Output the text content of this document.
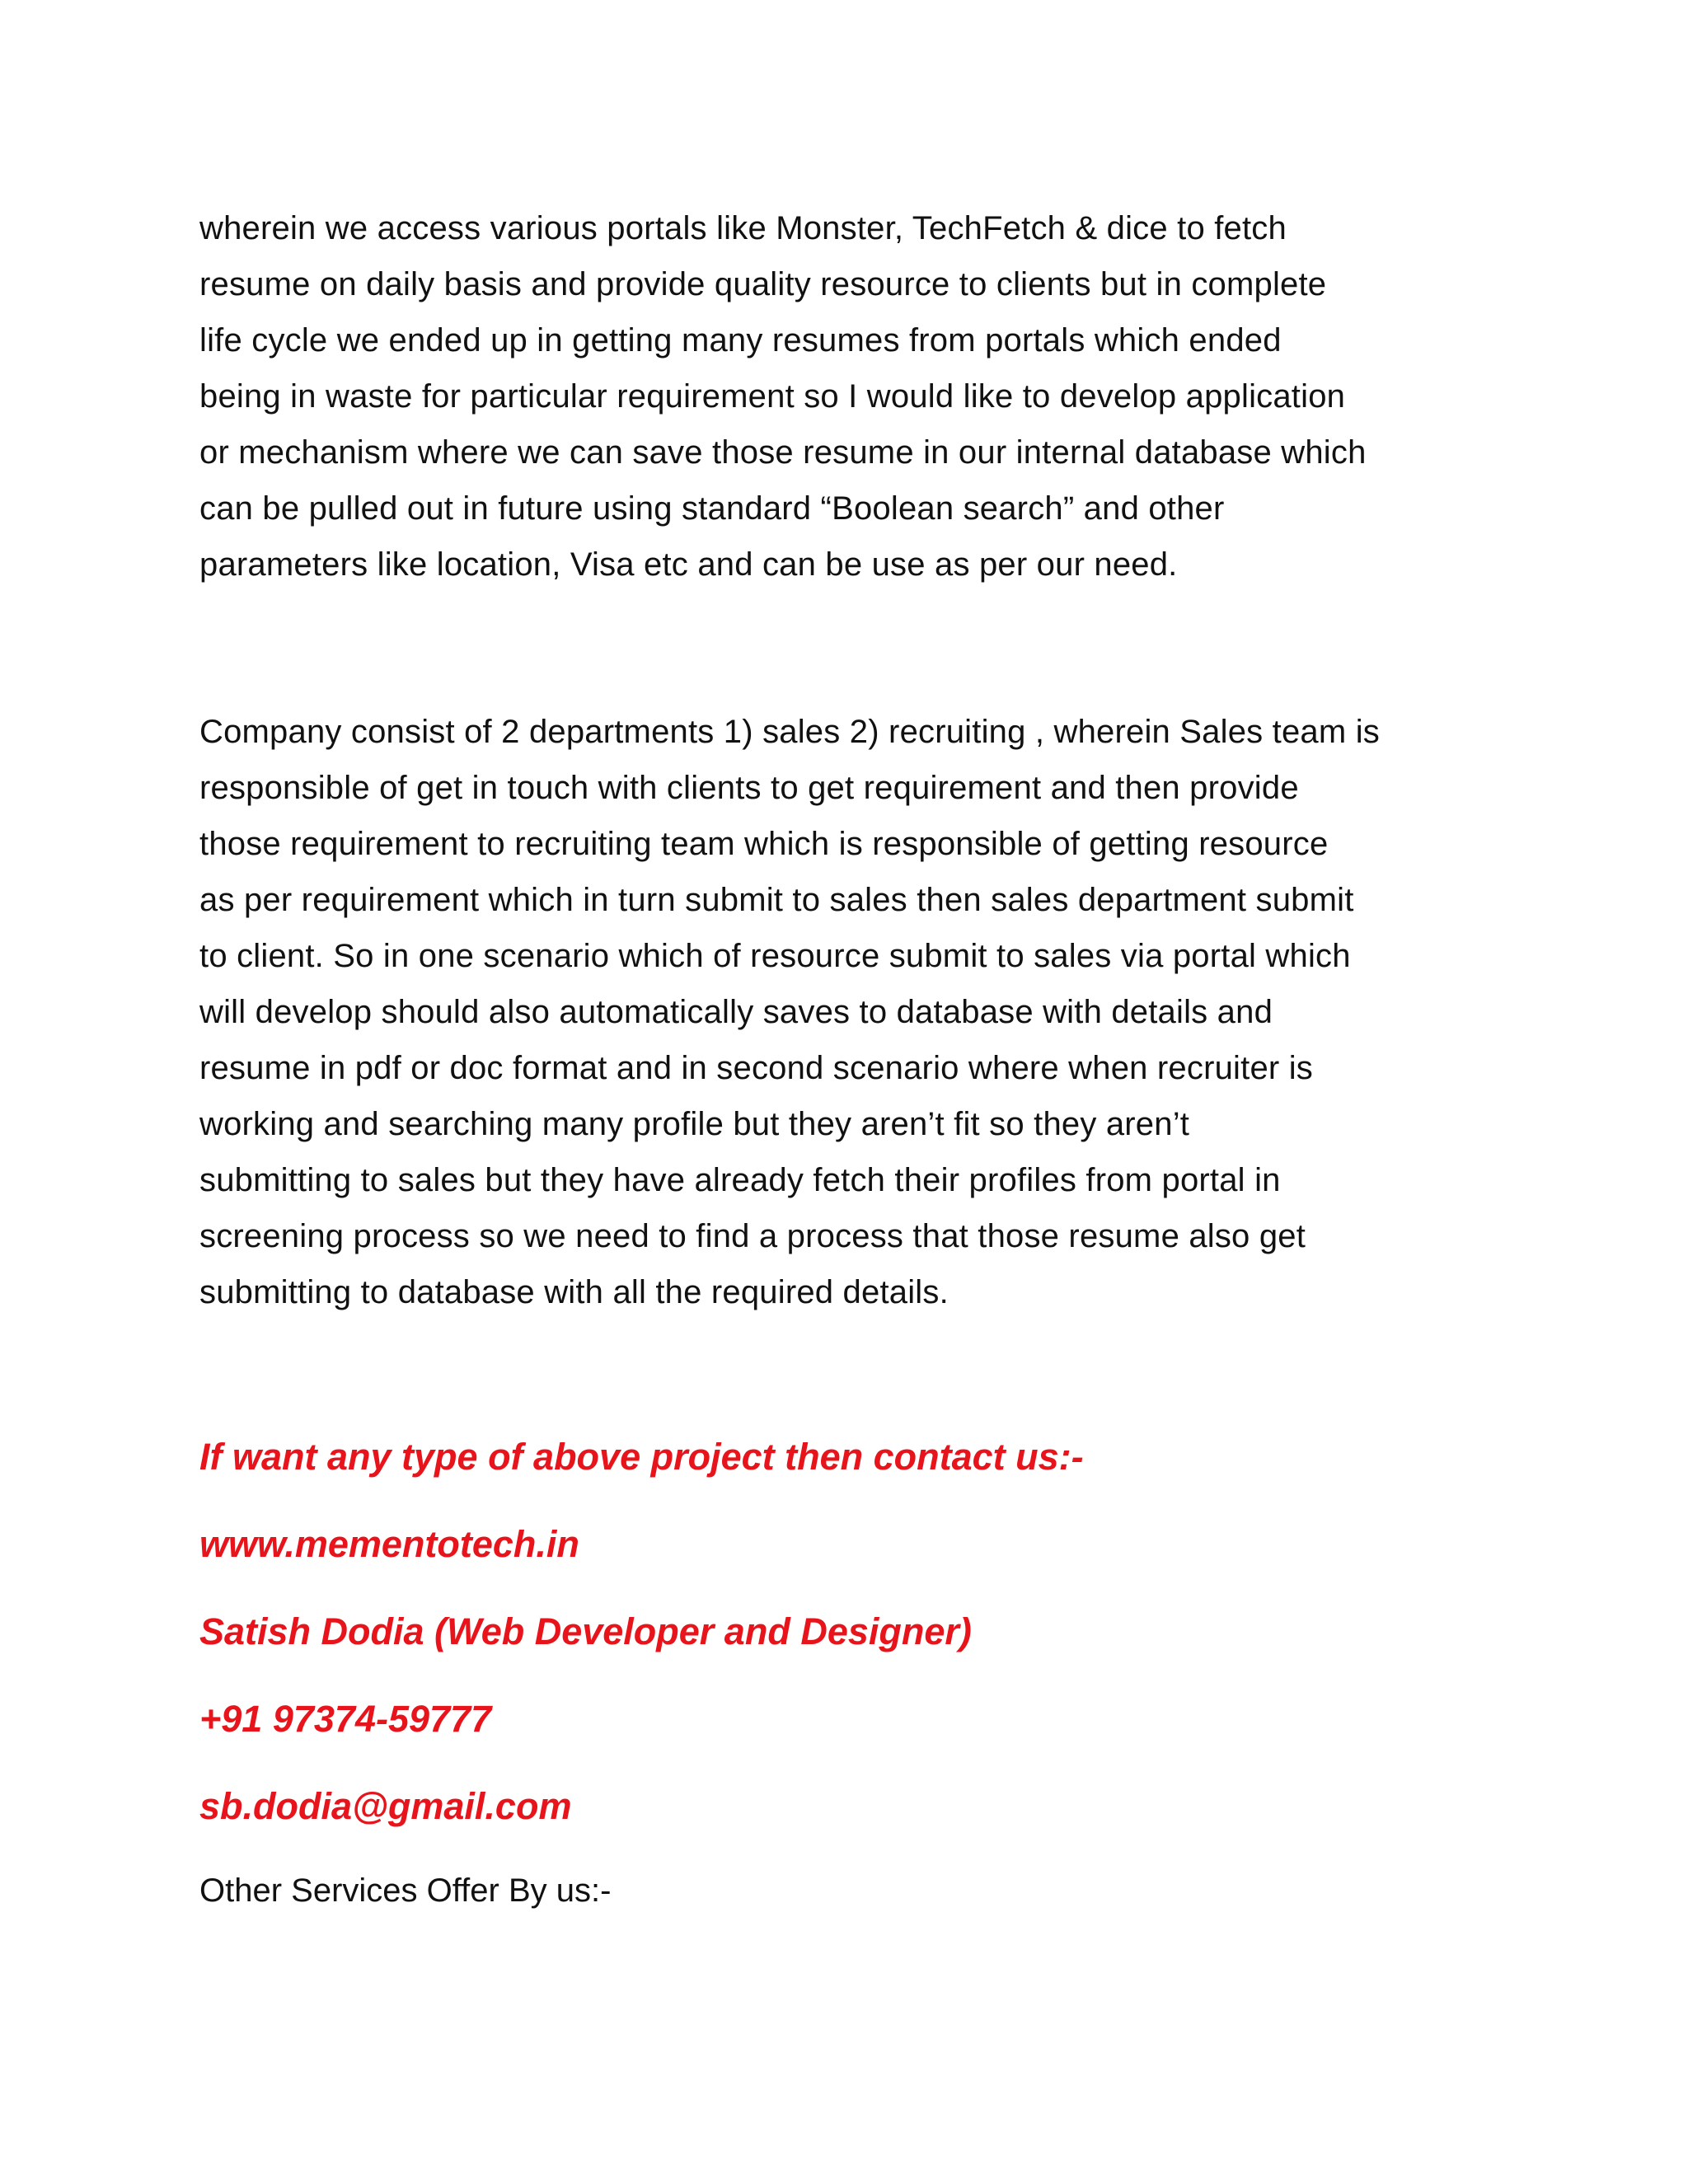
wherein we access various portals like Monster, TechFetch & dice to fetch
resume on daily basis and provide quality resource to clients but in complete
life cycle we ended up in getting many resumes from portals which ended
being in waste for particular requirement so I would like to develop application
or mechanism where we can save those resume in our internal database which
can be pulled out in future using standard “Boolean search” and other
parameters like location, Visa etc and can be use as per our need.

Company consist of 2 departments 1) sales 2) recruiting , wherein Sales team is
responsible of get in touch with clients to get requirement and then provide
those requirement to recruiting team which is responsible of getting resource
as per requirement which in turn submit to sales then sales department submit
to client. So in one scenario which of resource submit to sales via portal which
will develop should also automatically saves to database with details and
resume in pdf or doc format and in second scenario where when recruiter is
working and searching many profile but they aren’t fit so they aren’t
submitting to sales but they have already fetch their profiles from portal in
screening process so we need to find a process that those resume also get
submitting to database with all the required details.

If want any type of above project then contact us:-
www.mementotech.in
Satish Dodia (Web Developer and Designer)
+91 97374-59777
sb.dodia@gmail.com
Other Services Offer By us:-
